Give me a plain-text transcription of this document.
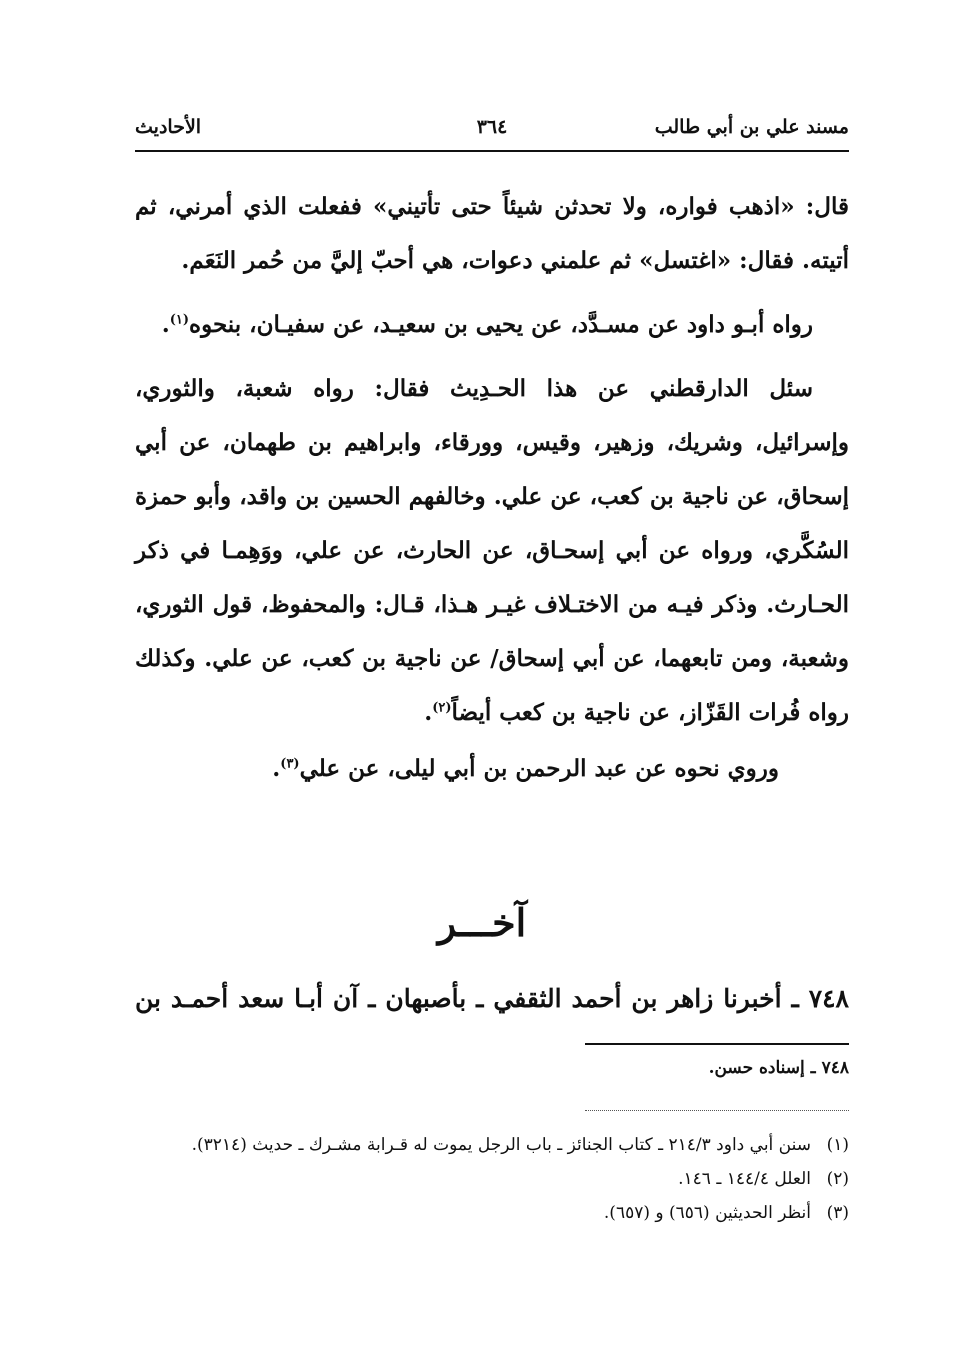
مسند علي بن أبي طالب
٣٦٤
الأحاديث

قال: «اذهب فواره، ولا تحدثن شيئاً حتى تأتيني» ففعلت الذي أمرني، ثم أتيته. فقال: «اغتسل» ثم علمني دعوات، هي أحبّ إليَّ من حُمر النَعَم.

رواه أبـو داود عن مسـدَّد، عن يحيى بن سعيـد، عن سفيـان، بنحوه$^{(١)}$.

سئل الدارقطني عن هذا الحـدِيث فقال: رواه شعبة، والثوري، وإسرائيل، وشريك، وزهير، وقيس، وورقاء، وابراهيم بن طهمان، عن أبي إسحاق، عن ناجية بن كعب، عن علي. وخالفهم الحسين بن واقد، وأبو حمزة السُكَّري، ورواه عن أبي إسحـاق، عن الحارث، عن علي، ووَهِمـا في ذكر الحـارث. وذكر فيـه من الاختـلاف غيـر هـذا، قـال: والمحفوظ، قول الثوري، وشعبة، ومن تابعهما، عن أبي إسحاق/ عن ناجية بن كعب، عن علي. وكذلك رواه فُرات القَزّاز، عن ناجية بن كعب أيضاً$^{(٢)}$.

وروي نحوه عن عبد الرحمن بن أبي ليلى، عن علي$^{(٣)}$.

آخـــر
٧٤٨ ـ أخبرنا زاهر بن أحمد الثقفي ـ بأصبهان ـ آن أبـا سعد أحمـد بن
٧٤٨ ـ إسناده حسن.

(١)
سنن أبي داود ٢١٤/٣ ـ كتاب الجنائز ـ باب الرجل يموت له قـرابة مشـرك ـ حديث (٣٢١٤).

(٢)
العلل ١٤٤/٤ ـ ١٤٦.

(٣)
أنظر الحديثين (٦٥٦) و (٦٥٧).
